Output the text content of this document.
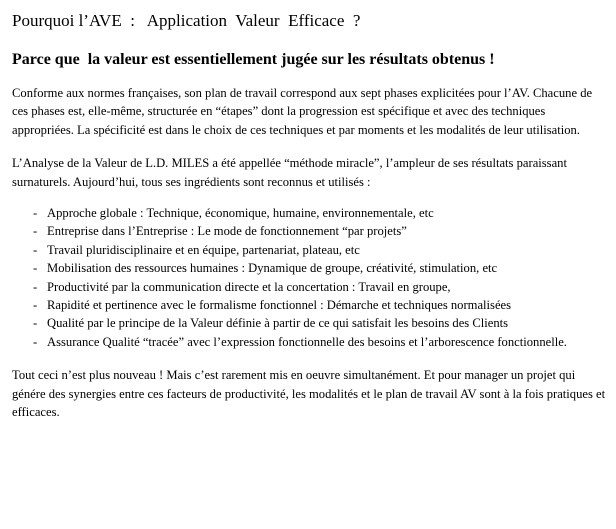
Pourquoi l’AVE  :   Application  Valeur  Efficace  ?
Parce que  la valeur est essentiellement jugée sur les résultats obtenus !

Conforme aux normes françaises, son plan de travail correspond aux sept phases explicitées pour l’AV. Chacune de ces phases est, elle-même, structurée en “étapes” dont la progression est spécifique et avec des techniques appropriées. La spécificité est dans le choix de ces techniques et par moments et les modalités de leur utilisation.

L’Analyse de la Valeur de L.D. MILES a été appellée “méthode miracle”, l’ampleur de ses résultats paraissant surnaturels. Aujourd’hui, tous ses ingrédients sont reconnus et utilisés :

- Approche globale : Technique, économique, humaine, environnementale, etc
- Entreprise dans l’Entreprise : Le mode de fonctionnement “par projets”
- Travail pluridisciplinaire et en équipe, partenariat, plateau, etc
- Mobilisation des ressources humaines : Dynamique de groupe, créativité, stimulation, etc
- Productivité par la communication directe et la concertation : Travail en groupe,
- Rapidité et pertinence avec le formalisme fonctionnel : Démarche et techniques normalisées
- Qualité par le principe de la Valeur définie à partir de ce qui satisfait les besoins des Clients
- Assurance Qualité “tracée” avec l’expression fonctionnelle des besoins et l’arborescence fonctionnelle.

Tout ceci n’est plus nouveau ! Mais c’est rarement mis en oeuvre simultanément. Et pour manager un projet qui génére des synergies entre ces facteurs de productivité, les modalités et le plan de travail AV sont à la fois pratiques et efficaces.
